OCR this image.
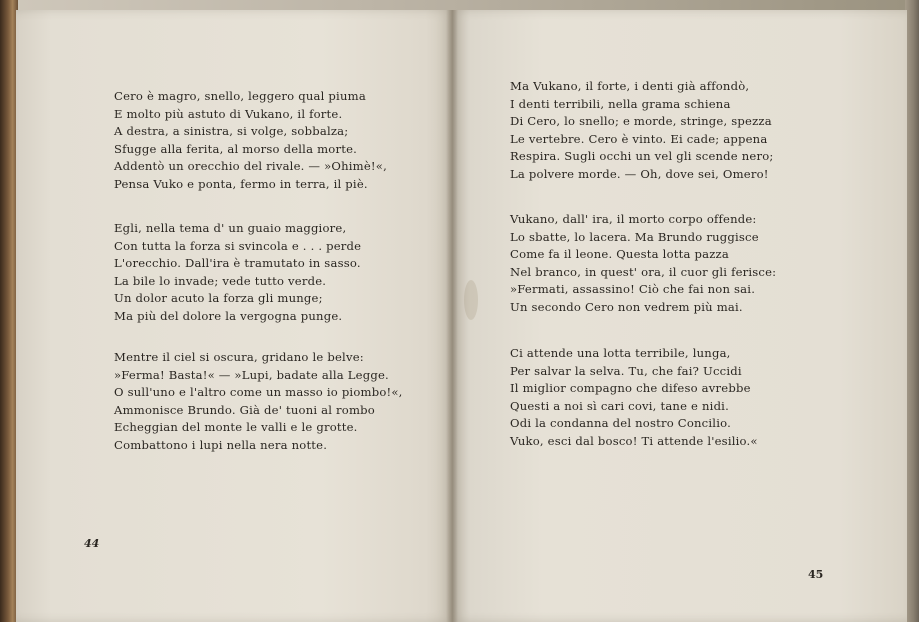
Cero è magro, snello, leggero qual piuma
E molto più astuto di Vukano, il forte.
A destra, a sinistra, si volge, sobbalza;
Sfugge alla ferita, al morso della morte.
Addentò un orecchio del rivale. — »Ohimè!«,
Pensa Vuko e ponta, fermo in terra, il piè.
Egli, nella tema d' un guaio maggiore,
Con tutta la forza si svincola e . . . perde
L'orecchio. Dall'ira è tramutato in sasso.
La bile lo invade; vede tutto verde.
Un dolor acuto la forza gli munge;
Ma più del dolore la vergogna punge.
Mentre il ciel si oscura, gridano le belve:
»Ferma! Basta!« — »Lupi, badate alla Legge.
O sull'uno e l'altro come un masso io piombo!«,
Ammonisce Brundo. Già de' tuoni al rombo
Echeggian del monte le valli e le grotte.
Combattono i lupi nella nera notte.
44
Ma Vukano, il forte, i denti già affondò,
I denti terribili, nella grama schiena
Di Cero, lo snello; e morde, stringe, spezza
Le vertebre. Cero è vinto. Ei cade; appena
Respira. Sugli occhi un vel gli scende nero;
La polvere morde. — Oh, dove sei, Omero!
Vukano, dall' ira, il morto corpo offende:
Lo sbatte, lo lacera. Ma Brundo ruggisce
Come fa il leone. Questa lotta pazza
Nel branco, in quest' ora, il cuor gli ferisce:
»Fermati, assassino! Ciò che fai non sai.
Un secondo Cero non vedrem più mai.
Ci attende una lotta terribile, lunga,
Per salvar la selva. Tu, che fai? Uccidi
Il miglior compagno che difeso avrebbe
Questi a noi sì cari covi, tane e nidi.
Odi la condanna del nostro Concilio.
Vuko, esci dal bosco! Ti attende l'esilio.«
45
